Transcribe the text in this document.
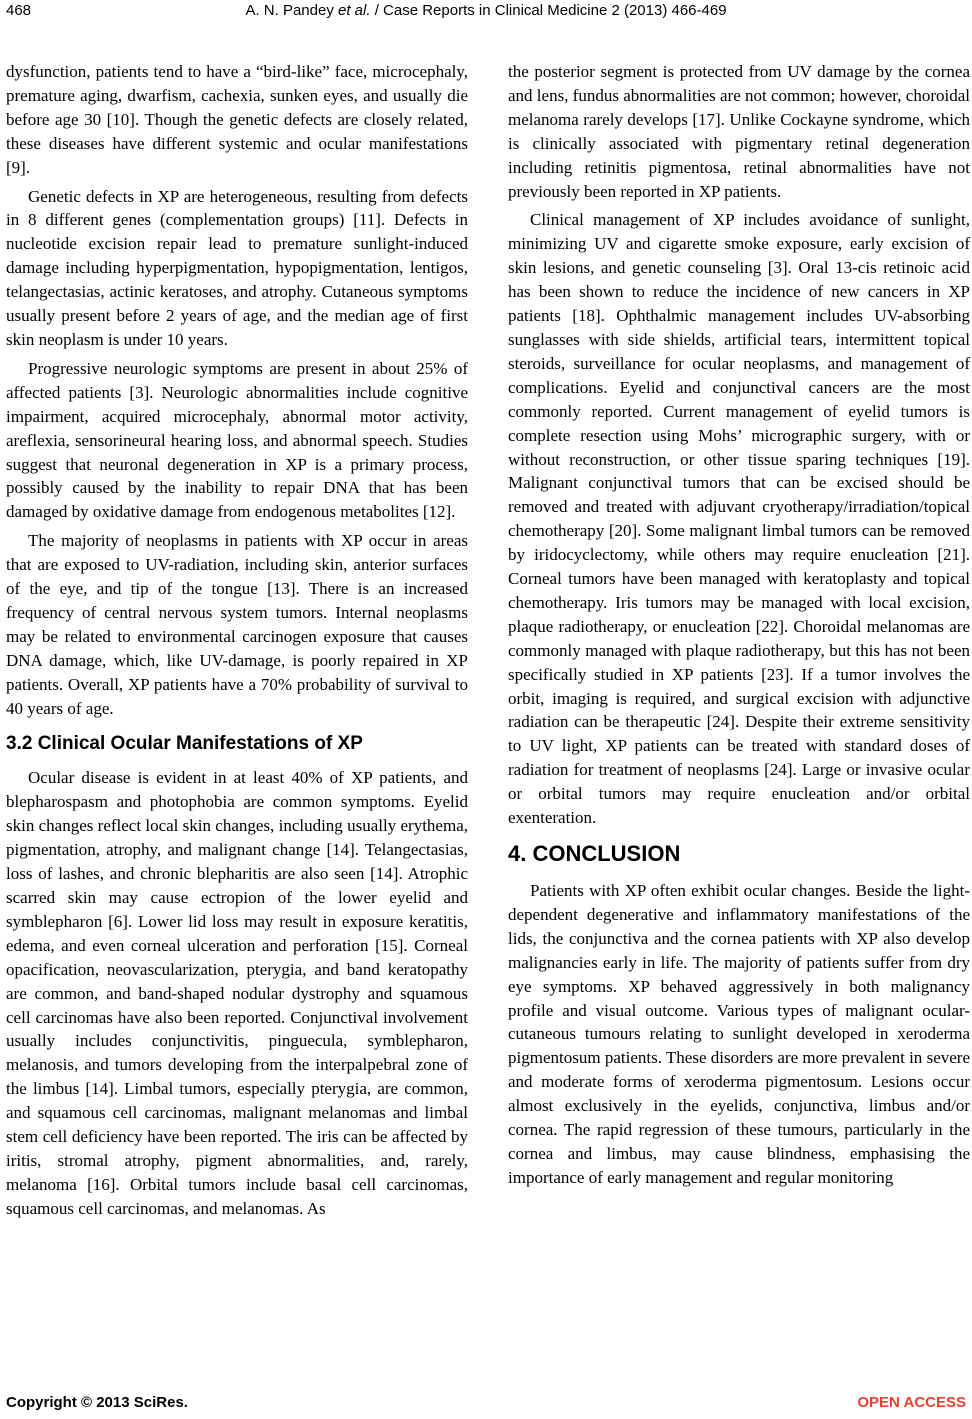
468	A. N. Pandey et al. / Case Reports in Clinical Medicine 2 (2013) 466-469

dysfunction, patients tend to have a “bird-like” face, microcephaly, premature aging, dwarfism, cachexia, sunken eyes, and usually die before age 30 [10]. Though the genetic defects are closely related, these diseases have different systemic and ocular manifestations [9].

Genetic defects in XP are heterogeneous, resulting from defects in 8 different genes (complementation groups) [11]. Defects in nucleotide excision repair lead to premature sunlight-induced damage including hyperpigmentation, hypopigmentation, lentigos, telangectasias, actinic keratoses, and atrophy. Cutaneous symptoms usually present before 2 years of age, and the median age of first skin neoplasm is under 10 years.

Progressive neurologic symptoms are present in about 25% of affected patients [3]. Neurologic abnormalities include cognitive impairment, acquired microcephaly, abnormal motor activity, areflexia, sensorineural hearing loss, and abnormal speech. Studies suggest that neuronal degeneration in XP is a primary process, possibly caused by the inability to repair DNA that has been damaged by oxidative damage from endogenous metabolites [12].

The majority of neoplasms in patients with XP occur in areas that are exposed to UV-radiation, including skin, anterior surfaces of the eye, and tip of the tongue [13]. There is an increased frequency of central nervous system tumors. Internal neoplasms may be related to environmental carcinogen exposure that causes DNA damage, which, like UV-damage, is poorly repaired in XP patients. Overall, XP patients have a 70% probability of survival to 40 years of age.

3.2 Clinical Ocular Manifestations of XP

Ocular disease is evident in at least 40% of XP patients, and blepharospasm and photophobia are common symptoms. Eyelid skin changes reflect local skin changes, including usually erythema, pigmentation, atrophy, and malignant change [14]. Telangectasias, loss of lashes, and chronic blepharitis are also seen [14]. Atrophic scarred skin may cause ectropion of the lower eyelid and symblepharon [6]. Lower lid loss may result in exposure keratitis, edema, and even corneal ulceration and perforation [15]. Corneal opacification, neovascularization, pterygia, and band keratopathy are common, and band-shaped nodular dystrophy and squamous cell carcinomas have also been reported. Conjunctival involvement usually includes conjunctivitis, pinguecula, symblepharon, melanosis, and tumors developing from the interpalpebral zone of the limbus [14]. Limbal tumors, especially pterygia, are common, and squamous cell carcinomas, malignant melanomas and limbal stem cell deficiency have been reported. The iris can be affected by iritis, stromal atrophy, pigment abnormalities, and, rarely, melanoma [16]. Orbital tumors include basal cell carcinomas, squamous cell carcinomas, and melanomas. As

the posterior segment is protected from UV damage by the cornea and lens, fundus abnormalities are not common; however, choroidal melanoma rarely develops [17]. Unlike Cockayne syndrome, which is clinically associated with pigmentary retinal degeneration including retinitis pigmentosa, retinal abnormalities have not previously been reported in XP patients.

Clinical management of XP includes avoidance of sunlight, minimizing UV and cigarette smoke exposure, early excision of skin lesions, and genetic counseling [3]. Oral 13-cis retinoic acid has been shown to reduce the incidence of new cancers in XP patients [18]. Ophthalmic management includes UV-absorbing sunglasses with side shields, artificial tears, intermittent topical steroids, surveillance for ocular neoplasms, and management of complications. Eyelid and conjunctival cancers are the most commonly reported. Current management of eyelid tumors is complete resection using Mohs’ micrographic surgery, with or without reconstruction, or other tissue sparing techniques [19]. Malignant conjunctival tumors that can be excised should be removed and treated with adjuvant cryotherapy/irradiation/topical chemotherapy [20]. Some malignant limbal tumors can be removed by iridocyclectomy, while others may require enucleation [21]. Corneal tumors have been managed with keratoplasty and topical chemotherapy. Iris tumors may be managed with local excision, plaque radiotherapy, or enucleation [22]. Choroidal melanomas are commonly managed with plaque radiotherapy, but this has not been specifically studied in XP patients [23]. If a tumor involves the orbit, imaging is required, and surgical excision with adjunctive radiation can be therapeutic [24]. Despite their extreme sensitivity to UV light, XP patients can be treated with standard doses of radiation for treatment of neoplasms [24]. Large or invasive ocular or orbital tumors may require enucleation and/or orbital exenteration.

4. CONCLUSION

Patients with XP often exhibit ocular changes. Beside the light-dependent degenerative and inflammatory manifestations of the lids, the conjunctiva and the cornea patients with XP also develop malignancies early in life. The majority of patients suffer from dry eye symptoms. XP behaved aggressively in both malignancy profile and visual outcome. Various types of malignant ocular-cutaneous tumours relating to sunlight developed in xeroderma pigmentosum patients. These disorders are more prevalent in severe and moderate forms of xeroderma pigmentosum. Lesions occur almost exclusively in the eyelids, conjunctiva, limbus and/or cornea. The rapid regression of these tumours, particularly in the cornea and limbus, may cause blindness, emphasising the importance of early management and regular monitoring

Copyright © 2013 SciRes.	OPEN ACCESS
